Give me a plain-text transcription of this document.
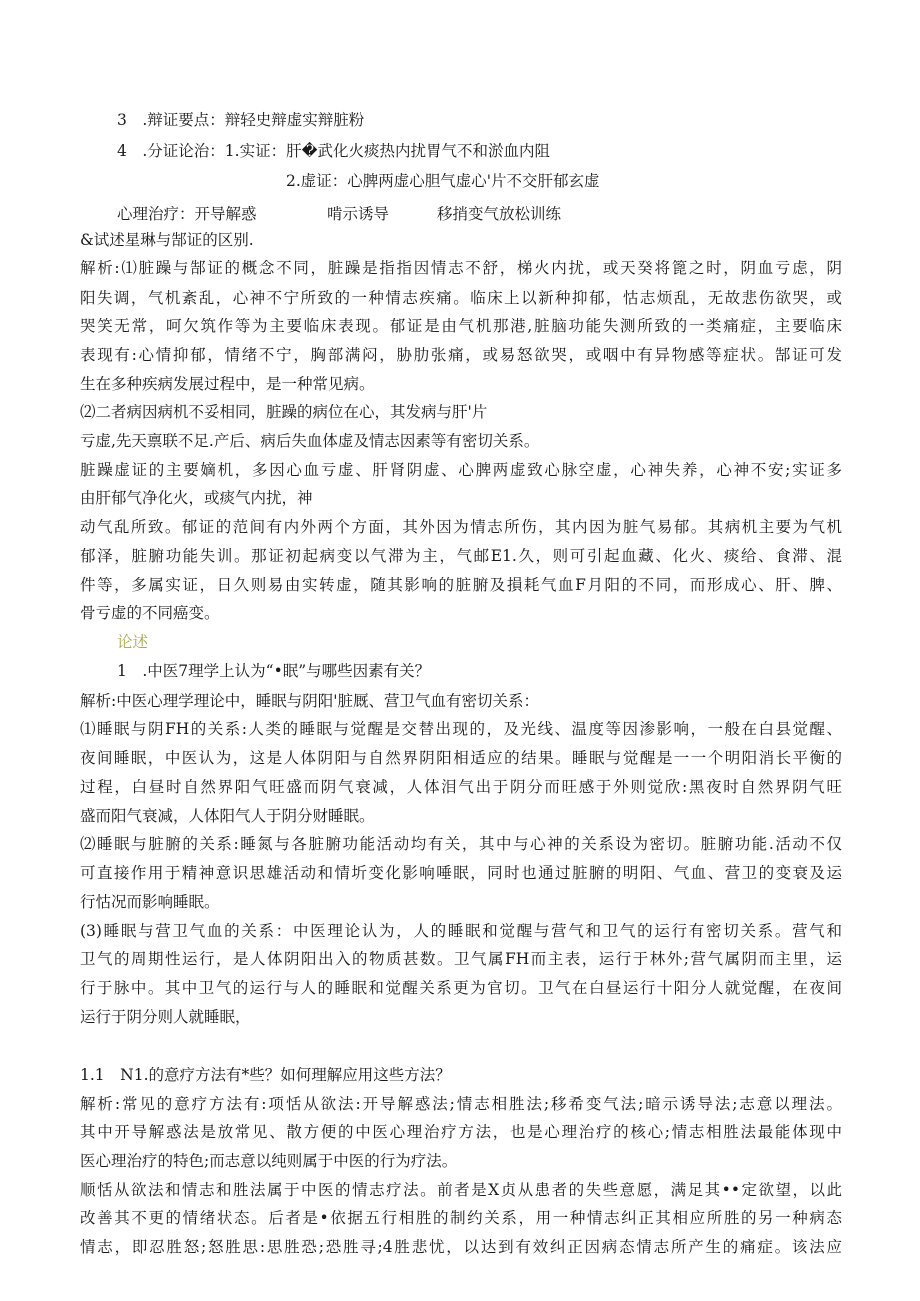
3　.辩证要点：辩轻史辩虚实辩脏粉
4　.分证论治：1.实证：肝�武化火痰热内扰胃气不和淤血内阻
2.虚证：心脾两虚心胆气虚心'片不交肝郁玄虚
心理治疗：开导解惑	啃示诱导	移捎变气放松训练
&试述星琳与郜证的区别.
解析:⑴脏躁与郜证的概念不同，脏躁是指指因情志不舒，梯火内扰，或天癸将篦之时，阴血亏虑，阴
阳失调，气机紊乱，心神不宁所致的一种情志疾痛。临床上以新种抑郁，怙志烦乱，无故悲伤欲哭，或
哭笑无常，呵欠筑作等为主要临床表现。郁证是由气机那港,脏脑功能失测所致的一类痛症，主要临床
表现有:心情抑郁，情绪不宁，胸部满闷，胁肋张痛，或易怒欲哭，或咽中有异物感等症状。郜证可发
生在多种疾病发展过程中，是一种常见病。
⑵二者病因病机不妥相同，脏躁的病位在心，其发病与肝'片
亏虚,先天禀联不足.产后、病后失血体虚及情志因素等有密切关系。
脏躁虚证的主要嫡机，多因心血亏虚、肝肾阴虚、心脾两虚致心脉空虚，心神失养，心神不安;实证多
由肝郁气净化火，或痰气内扰，神
动气乱所致。郁证的范间有内外两个方面，其外因为情志所伤，其内因为脏气易郁。其病机主要为气机
郁泽，脏腑功能失训。那证初起病变以气滞为主，气邮E1.久，则可引起血藏、化火、痰给、食滞、混
件等，多属实证，日久则易由实转虚，随其影响的脏腑及損耗气血F月阳的不同，而形成心、肝、脾、
骨亏虚的不同癌变。
论述
1　.中医7理学上认为“•眠”与哪些因素有关？
解析:中医心理学理论中，睡眠与阴阳'脏厩、营卫气血有密切关系：
⑴睡眠与阴FH的关系:人类的睡眠与觉醒是交替出现的，及光线、温度等因渗影响，一般在白县觉醒、
夜间睡眠，中医认为，这是人体阴阳与自然界阴阳相适应的结果。睡眠与觉醒是一一个明阳消长平衡的
过程，白昼时自然界阳气旺盛而阴气衰减，人体泪气出于阴分而旺感于外则觉欣:黑夜时自然界阴气旺
盛而阳气衰减，人体阳气人于阴分财睡眠。
⑵睡眠与脏腑的关系:睡氮与各脏腑功能活动均有关，其中与心神的关系设为密切。脏腑功能.活动不仅
可直接作用于精神意识思雄活动和情圻变化影响唾眠，同时也通过脏腑的明阳、气血、营卫的变衰及运
行怙况而影响睡眠。
(3)睡眠与营卫气血的关系：中医理论认为，人的睡眠和觉醒与营气和卫气的运行有密切关系。营气和
卫气的周期性运行，是人体阴阳出入的物质甚数。卫气属FH而主表，运行于林外;营气属阴而主里，运
行于脉中。其中卫气的运行与人的睡眠和觉醒关系更为官切。卫气在白昼运行十阳分人就觉醒，在夜间
运行于阴分则人就睡眠，
1.1　N1.的意疗方法有*些？如何理解应用这些方法？
解析:常见的意疗方法有:项恬从欲法:开导解惑法;情志相胜法;移希变气法;暗示诱导法;志意以理法。
其中开导解惑法是放常见、散方便的中医心理治疗方法，也是心理治疗的核心;情志相胜法最能体现中
医心理治疗的特色;而志意以纯则属于中医的行为疗法。
顺恬从欲法和情志和胜法属于中医的情志疗法。前者是X贞从患者的失些意愿，满足其••定欲望，以此
改善其不更的情绪状态。后者是•依据五行相胜的制约关系，用一种情志纠正其相应所胜的另一种病态
情志，即忍胜怒;怒胜思:思胜恐;恐胜寻;4胜悲忧，以达到有效纠正因病态情志所产生的痛症。该法应
